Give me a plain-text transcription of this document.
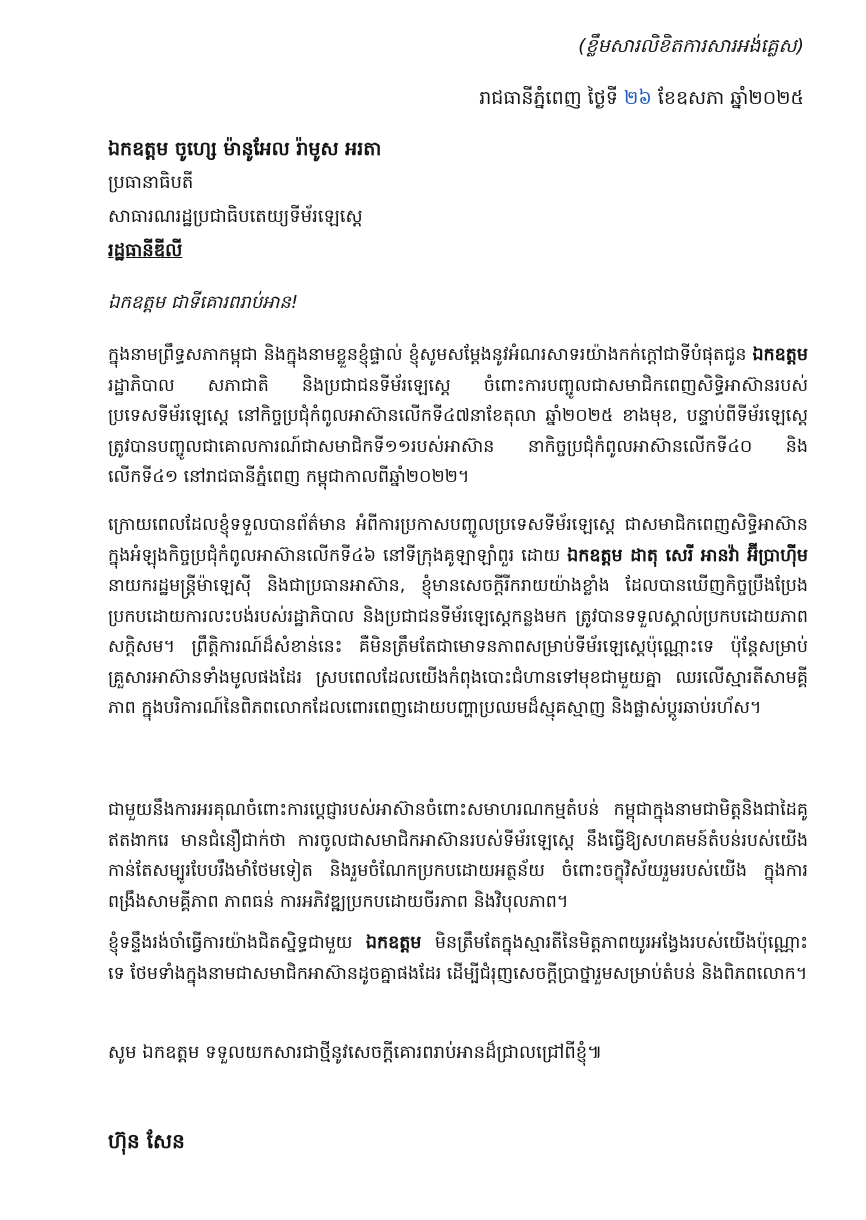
(ខ្លឹមសារលិខិតការសារអង់គ្លេស)
រាជធានីភ្នំពេញ ថ្ងៃទី ២៦ ខែឧសភា ឆ្នាំ២០២៥
ឯកឧត្តម ចូហ្សេ ម៉ានូអែល រ៉ាមូស អរតា
ប្រធានាធិបតី
សាធារណរដ្ឋប្រជាធិបតេយ្យទីម័រឡេស្តេ
រដ្ឋធានីឌីលី
ឯកឧត្តម ជាទីគោរពរាប់អាន!

ក្នុងនាមព្រឹទ្ធសភាកម្ពុជា និងក្នុងនាមខ្លួនខ្ញុំផ្ទាល់ ខ្ញុំសូមសម្តែងនូវអំណរសាទរយ៉ាងកក់ក្តៅជាទីបំផុតជូន ឯកឧត្តម រដ្ឋាភិបាល សភាជាតិ និងប្រជាជនទីម័រឡេស្តេ ចំពោះការបញ្ចូលជាសមាជិកពេញសិទ្ធិអាស៊ានរបស់ប្រទេសទីម័រឡេស្តេ នៅកិច្ចប្រជុំកំពូលអាស៊ានលើកទី៤៧នាខែតុលា ឆ្នាំ២០២៥ ខាងមុខ, បន្ទាប់ពីទីម័រឡេស្តេ ត្រូវបានបញ្ចូលជាគោលការណ៍ជាសមាជិកទី១១របស់អាស៊ាន នាកិច្ចប្រជុំកំពូលអាស៊ានលើកទី៤០ និងលើកទី៤១ នៅរាជធានីភ្នំពេញ កម្ពុជាកាលពីឆ្នាំ២០២២។

ក្រោយពេលដែលខ្ញុំទទួលបានព័ត៌មាន អំពីការប្រកាសបញ្ចូលប្រទេសទីម័រឡេស្តេ ជាសមាជិកពេញសិទ្ធិអាស៊ាន ក្នុងអំឡុងកិច្ចប្រជុំកំពូលអាស៊ានលើកទី៤៦ នៅទីក្រុងគូឡាឡាំពួរ ដោយ ឯកឧត្តម ដាតុ សេរី អានវ៉ា អ៊ីប្រាហ៊ីម នាយករដ្ឋមន្ត្រីម៉ាឡេស៊ី និងជាប្រធានអាស៊ាន, ខ្ញុំមានសេចក្តីរីករាយយ៉ាងខ្លាំង ដែលបានឃើញកិច្ចប្រឹងប្រែងប្រកបដោយការលះបង់របស់រដ្ឋាភិបាល និងប្រជាជនទីម័រឡេស្តេកន្លងមក ត្រូវបានទទួលស្គាល់ប្រកបដោយភាពសក្តិសម។ ព្រឹត្តិការណ៍ដ៏សំខាន់នេះ គឺមិនត្រឹមតែជាមោទនភាពសម្រាប់ទីម័រឡេស្តេប៉ុណ្ណោះទេ ប៉ុន្តែសម្រាប់គ្រួសារអាស៊ានទាំងមូលផងដែរ ស្របពេលដែលយើងកំពុងបោះជំហានទៅមុខជាមួយគ្នា ឈរលើស្មារតីសាមគ្គីភាព ក្នុងបរិការណ៍នៃពិភពលោកដែលពោរពេញដោយបញ្ហាប្រឈមដ៏ស្មុគស្មាញ និងផ្លាស់ប្តូរឆាប់រហ័ស។

ជាមួយនឹងការអរគុណចំពោះការប្តេជ្ញារបស់អាស៊ានចំពោះសមាហរណកម្មតំបន់ កម្ពុជាក្នុងនាមជាមិត្តនិងជាដៃគូឥតងាករេ មានជំនឿជាក់ថា ការចូលជាសមាជិកអាស៊ានរបស់ទីម័រឡេស្តេ នឹងធ្វើឱ្យសហគមន៍តំបន់របស់យើង កាន់តែសម្បូរបែបរឹងមាំថែមទៀត និងរួមចំណែកប្រកបដោយអត្ថន័យ ចំពោះចក្ខុវិស័យរួមរបស់យើង ក្នុងការពង្រឹងសាមគ្គីភាព ភាពធន់ ការអភិវឌ្ឍប្រកបដោយចីរភាព និងវិបុលភាព។

ខ្ញុំទន្ទឹងរង់ចាំធ្វើការយ៉ាងជិតស្និទ្ធជាមួយ ឯកឧត្តម មិនត្រឹមតែក្នុងស្មារតីនៃមិត្តភាពយូរអង្វែងរបស់យើងប៉ុណ្ណោះទេ ថែមទាំងក្នុងនាមជាសមាជិកអាស៊ានដូចគ្នាផងដែរ ដើម្បីជំរុញសេចក្តីប្រាថ្នារួមសម្រាប់តំបន់ និងពិភពលោក។

សូម ឯកឧត្តម ទទួលយកសារជាថ្មីនូវសេចក្តីគោរពរាប់អានដ៏ជ្រាលជ្រៅពីខ្ញុំ៕
ហ៊ុន សែន
